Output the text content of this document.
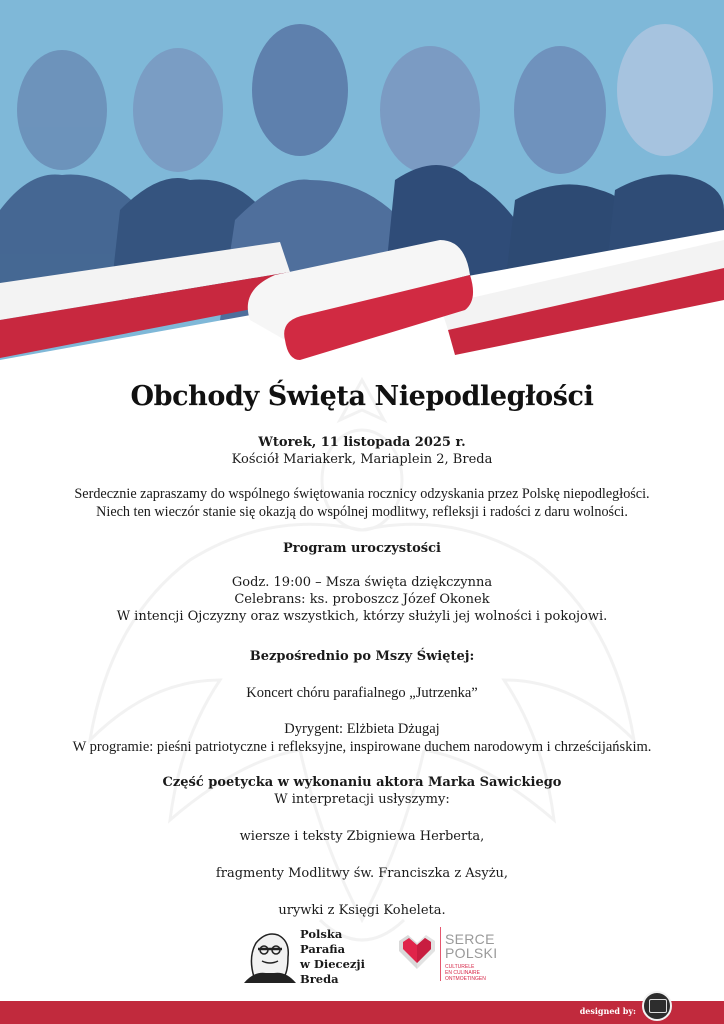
Obchody Święta Niepodległości
Wtorek, 11 listopada 2025 r.
Kościół Mariakerk, Mariaplein 2, Breda
Serdecznie zapraszamy do wspólnego świętowania rocznicy odzyskania przez Polskę niepodległości.
Niech ten wieczór stanie się okazją do wspólnej modlitwy, refleksji i radości z daru wolności.
Program uroczystości
Godz. 19:00 – Msza święta dziękczynna
Celebrans: ks. proboszcz Józef Okonek
W intencji Ojczyzny oraz wszystkich, którzy służyli jej wolności i pokojowi.
Bezpośrednio po Mszy Świętej:
Koncert chóru parafialnego „Jutrzenka”
Dyrygent: Elżbieta Dżugaj
W programie: pieśni patriotyczne i refleksyjne, inspirowane duchem narodowym i chrześcijańskim.
Część poetycka w wykonaniu aktora Marka Sawickiego
W interpretacji usłyszymy:
wiersze i teksty Zbigniewa Herberta,
fragmenty Modlitwy św. Franciszka z Asyżu,
urywki z Księgi Koheleta.
Polska
Parafia
w Diecezji
Breda
SERCE
POLSKI
CULTURELE
EN CULINAIRE
ONTMOETINGEN
designed by:
